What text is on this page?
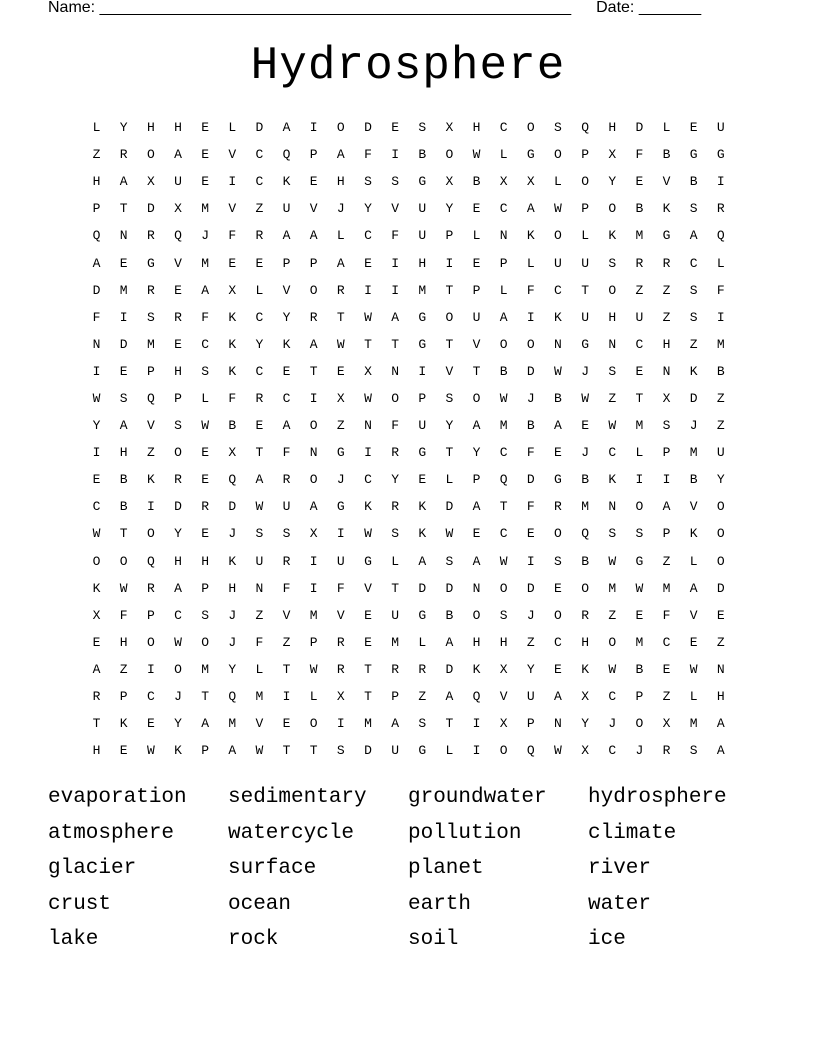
Name: _____________________________________________________ Date: _______
Hydrosphere
L	Y	H	H	E	L	D	A	I	O	D	E	S	X	H	C	O	S	Q	H	D	L	E	U
Z	R	O	A	E	V	C	Q	P	A	F	I	B	O	W	L	G	O	P	X	F	B	G	G
H	A	X	U	E	I	C	K	E	H	S	S	G	X	B	X	X	L	O	Y	E	V	B	I
P	T	D	X	M	V	Z	U	V	J	Y	V	U	Y	E	C	A	W	P	O	B	K	S	R
Q	N	R	Q	J	F	R	A	A	L	C	F	U	P	L	N	K	O	L	K	M	G	A	Q
A	E	G	V	M	E	E	P	P	A	E	I	H	I	E	P	L	U	U	S	R	R	C	L
D	M	R	E	A	X	L	V	O	R	I	I	M	T	P	L	F	C	T	O	Z	Z	S	F
F	I	S	R	F	K	C	Y	R	T	W	A	G	O	U	A	I	K	U	H	U	Z	S	I
N	D	M	E	C	K	Y	K	A	W	T	T	G	T	V	O	O	N	G	N	C	H	Z	M
I	E	P	H	S	K	C	E	T	E	X	N	I	V	T	B	D	W	J	S	E	N	K	B
W	S	Q	P	L	F	R	C	I	X	W	O	P	S	O	W	J	B	W	Z	T	X	D	Z
Y	A	V	S	W	B	E	A	O	Z	N	F	U	Y	A	M	B	A	E	W	M	S	J	Z
I	H	Z	O	E	X	T	F	N	G	I	R	G	T	Y	C	F	E	J	C	L	P	M	U
E	B	K	R	E	Q	A	R	O	J	C	Y	E	L	P	Q	D	G	B	K	I	I	B	Y
C	B	I	D	R	D	W	U	A	G	K	R	K	D	A	T	F	R	M	N	O	A	V	O
W	T	O	Y	E	J	S	S	X	I	W	S	K	W	E	C	E	O	Q	S	S	P	K	O
O	O	Q	H	H	K	U	R	I	U	G	L	A	S	A	W	I	S	B	W	G	Z	L	O
K	W	R	A	P	H	N	F	I	F	V	T	D	D	N	O	D	E	O	M	W	M	A	D
X	F	P	C	S	J	Z	V	M	V	E	U	G	B	O	S	J	O	R	Z	E	F	V	E
E	H	O	W	O	J	F	Z	P	R	E	M	L	A	H	H	Z	C	H	O	M	C	E	Z
A	Z	I	O	M	Y	L	T	W	R	T	R	R	D	K	X	Y	E	K	W	B	E	W	N
R	P	C	J	T	Q	M	I	L	X	T	P	Z	A	Q	V	U	A	X	C	P	Z	L	H
T	K	E	Y	A	M	V	E	O	I	M	A	S	T	I	X	P	N	Y	J	O	X	M	A
H	E	W	K	P	A	W	T	T	S	D	U	G	L	I	O	Q	W	X	C	J	R	S	A
evaporation	sedimentary	groundwater	hydrosphere
atmosphere	watercycle	pollution	climate
glacier	surface	planet	river
crust	ocean	earth	water
lake	rock	soil	ice
